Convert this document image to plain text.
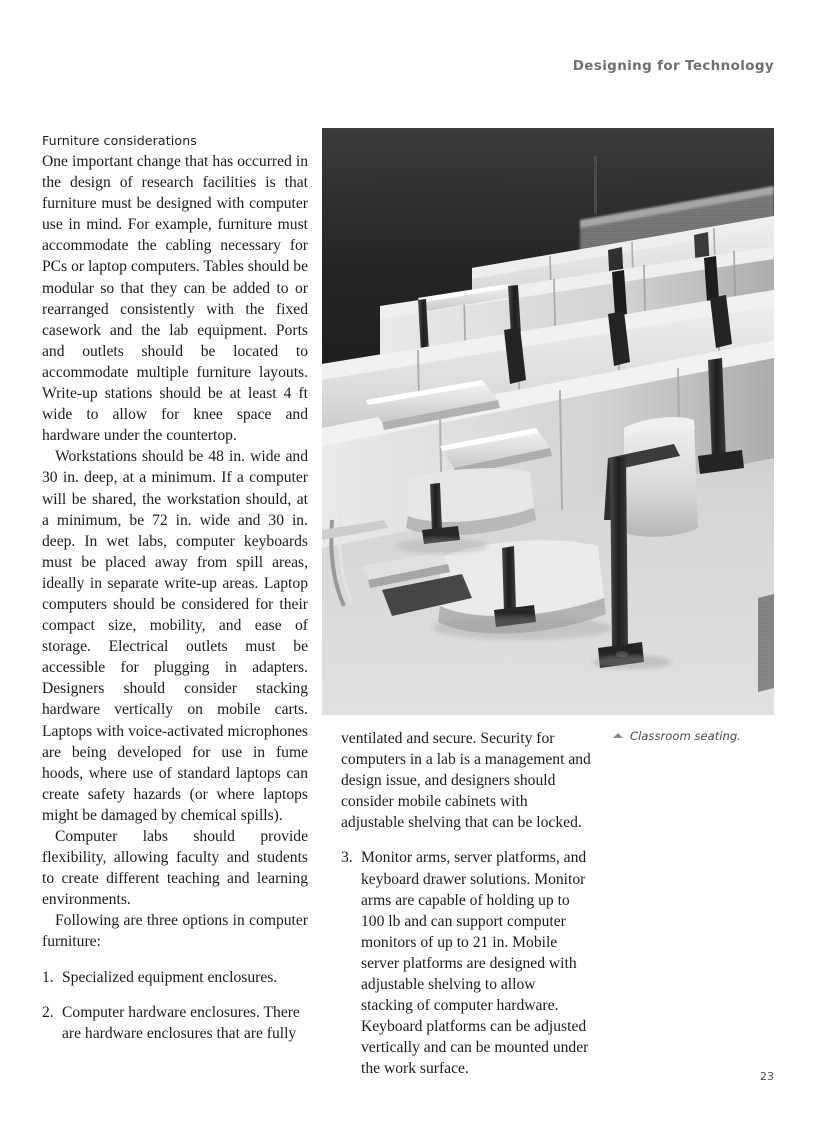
Designing for Technology
Classroom seating.
Furniture considerations

One important change that has occurred in the design of research facilities is that furniture must be designed with computer use in mind. For example, furniture must accommodate the cabling necessary for PCs or laptop computers. Tables should be modular so that they can be added to or rearranged consistently with the fixed casework and the lab equipment. Ports and outlets should be located to accommodate multiple furniture layouts. Write-up stations should be at least 4 ft wide to allow for knee space and hardware under the countertop.

Workstations should be 48 in. wide and 30 in. deep, at a minimum. If a computer will be shared, the workstation should, at a minimum, be 72 in. wide and 30 in. deep. In wet labs, computer keyboards must be placed away from spill areas, ideally in separate write-up areas. Laptop computers should be considered for their compact size, mobility, and ease of storage. Electrical outlets must be accessible for plugging in adapters. Designers should consider stacking hardware vertically on mobile carts. Laptops with voice-activated microphones are being developed for use in fume hoods, where use of standard laptops can create safety hazards (or where laptops might be damaged by chemical spills).

Computer labs should provide flexibility, allowing faculty and students to create different teaching and learning environments.

Following are three options in computer furniture:

1. Specialized equipment enclosures.
2. Computer hardware enclosures. There are hardware enclosures that are fully

ventilated and secure. Security for computers in a lab is a management and design issue, and designers should consider mobile cabinets with adjustable shelving that can be locked.

3. Monitor arms, server platforms, and keyboard drawer solutions. Monitor arms are capable of holding up to 100 lb and can support computer monitors of up to 21 in. Mobile server platforms are designed with adjustable shelving to allow stacking of computer hardware. Keyboard platforms can be adjusted vertically and can be mounted under the work surface.	23
